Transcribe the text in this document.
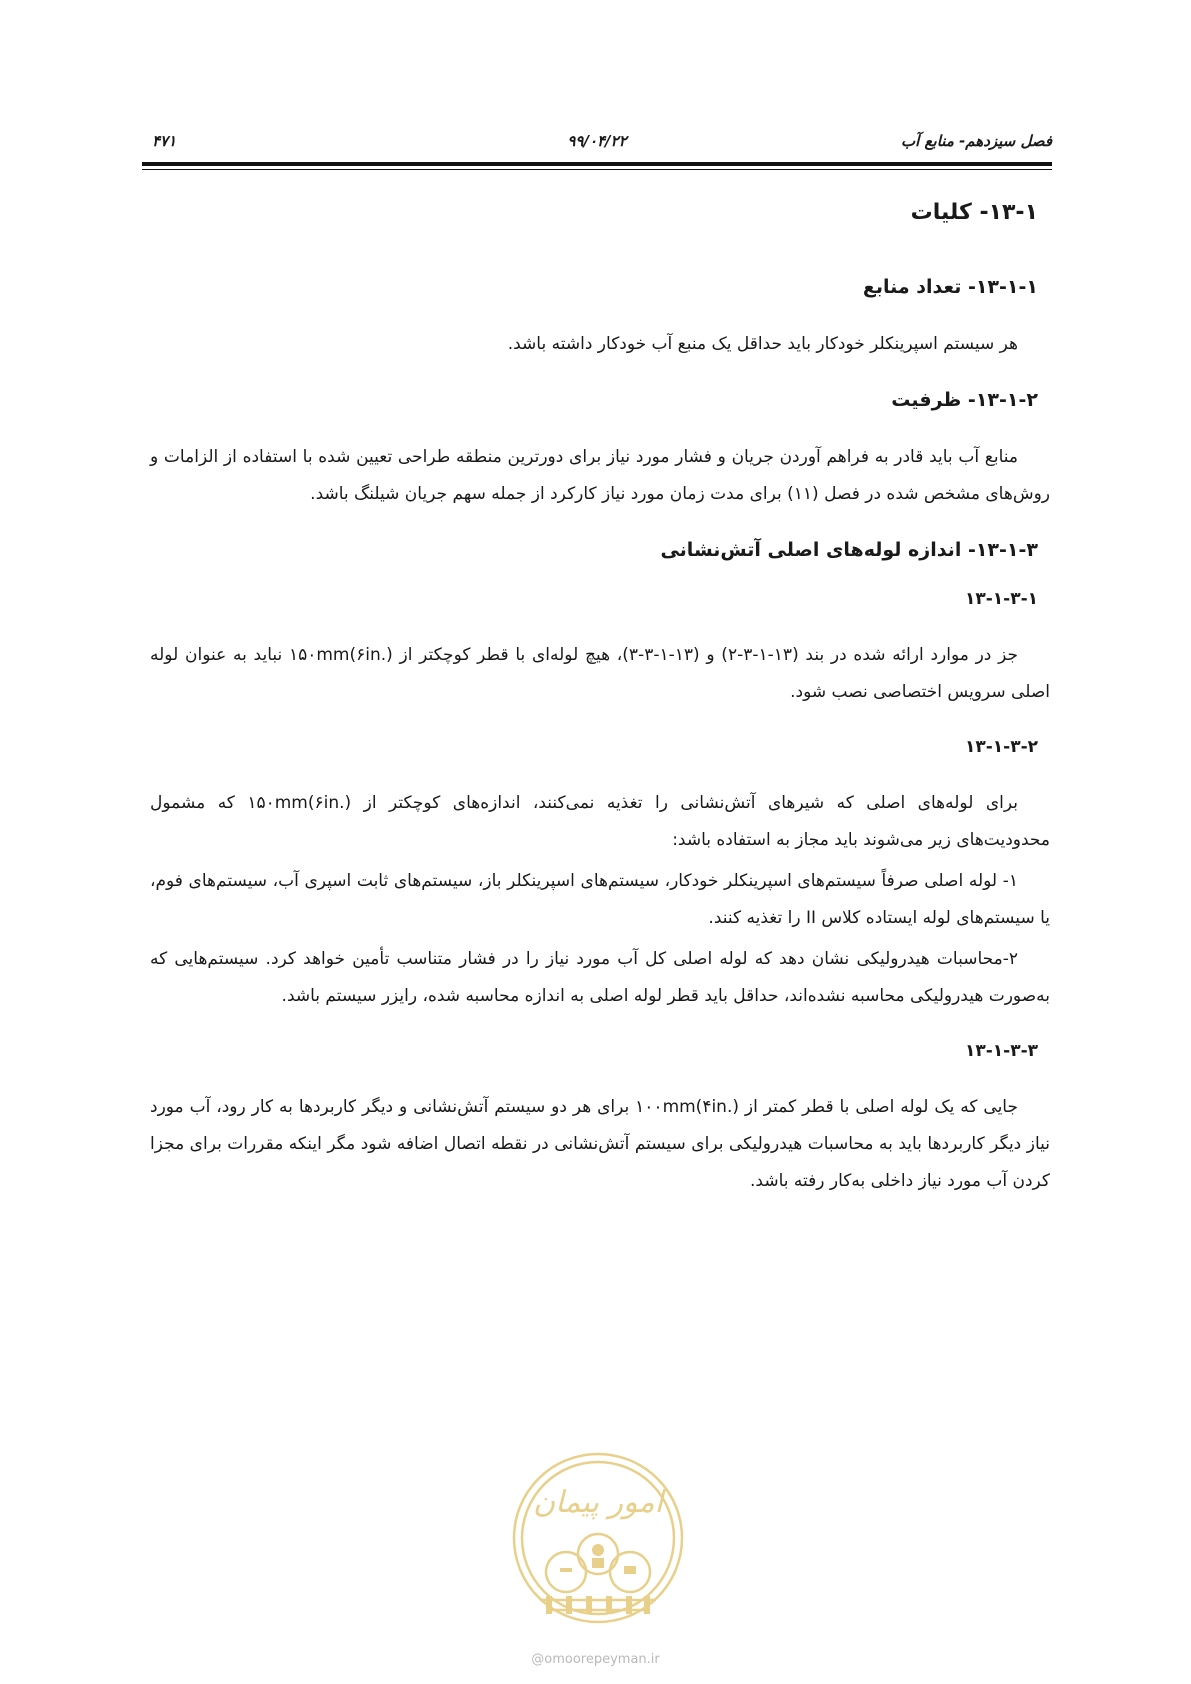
فصل سیزدهم- منابع آب
۹۹/۰۴/۲۲
۴۷۱
۱۳-۱- کلیات
۱۳-۱-۱- تعداد منابع

هر سیستم اسپرینکلر خودکار باید حداقل یک منبع آب خودکار داشته باشد.

۱۳-۱-۲- ظرفیت

منابع آب باید قادر به فراهم آوردن جریان و فشار مورد نیاز برای دورترین منطقه طراحی تعیین شده با استفاده از الزامات و روش‌های مشخص شده در فصل (۱۱) برای مدت زمان مورد نیاز کارکرد از جمله سهم جریان شیلنگ باشد.

۱۳-۱-۳- اندازه لوله‌های اصلی آتش‌نشانی
۱۳-۱-۳-۱

جز در موارد ارائه شده در بند (۱۳-۱-۳-۲) و (۱۳-۱-۳-۳)، هیچ لوله‌ای با قطر کوچکتر از ۱۵۰mm(۶in.) نباید به عنوان لوله اصلی سرویس اختصاصی نصب شود.

۱۳-۱-۳-۲

برای لوله‌های اصلی که شیرهای آتش‌نشانی را تغذیه نمی‌کنند، اندازه‌های کوچکتر از ۱۵۰mm(۶in.) که مشمول محدودیت‌های زیر می‌شوند باید مجاز به استفاده باشد:

۱- لوله اصلی صرفاً سیستم‌های اسپرینکلر خودکار، سیستم‌های اسپرینکلر باز، سیستم‌های ثابت اسپری آب، سیستم‌های فوم، یا سیستم‌های لوله ایستاده کلاس II را تغذیه کنند.

۲-محاسبات هیدرولیکی نشان دهد که لوله اصلی کل آب مورد نیاز را در فشار متناسب تأمین خواهد کرد. سیستم‌هایی که به‌صورت هیدرولیکی محاسبه نشده‌اند، حداقل باید قطر لوله اصلی به اندازه محاسبه شده، رایزر سیستم باشد.

۱۳-۱-۳-۳

جایی که یک لوله اصلی با قطر کمتر از ۱۰۰mm(۴in.) برای هر دو سیستم آتش‌نشانی و دیگر کاربردها به کار رود، آب مورد نیاز دیگر کاربردها باید به محاسبات هیدرولیکی برای سیستم آتش‌نشانی در نقطه اتصال اضافه شود مگر اینکه مقررات برای مجزا کردن آب مورد نیاز داخلی به‌کار رفته باشد.

امور پیمان
@omoorepeyman.ir
